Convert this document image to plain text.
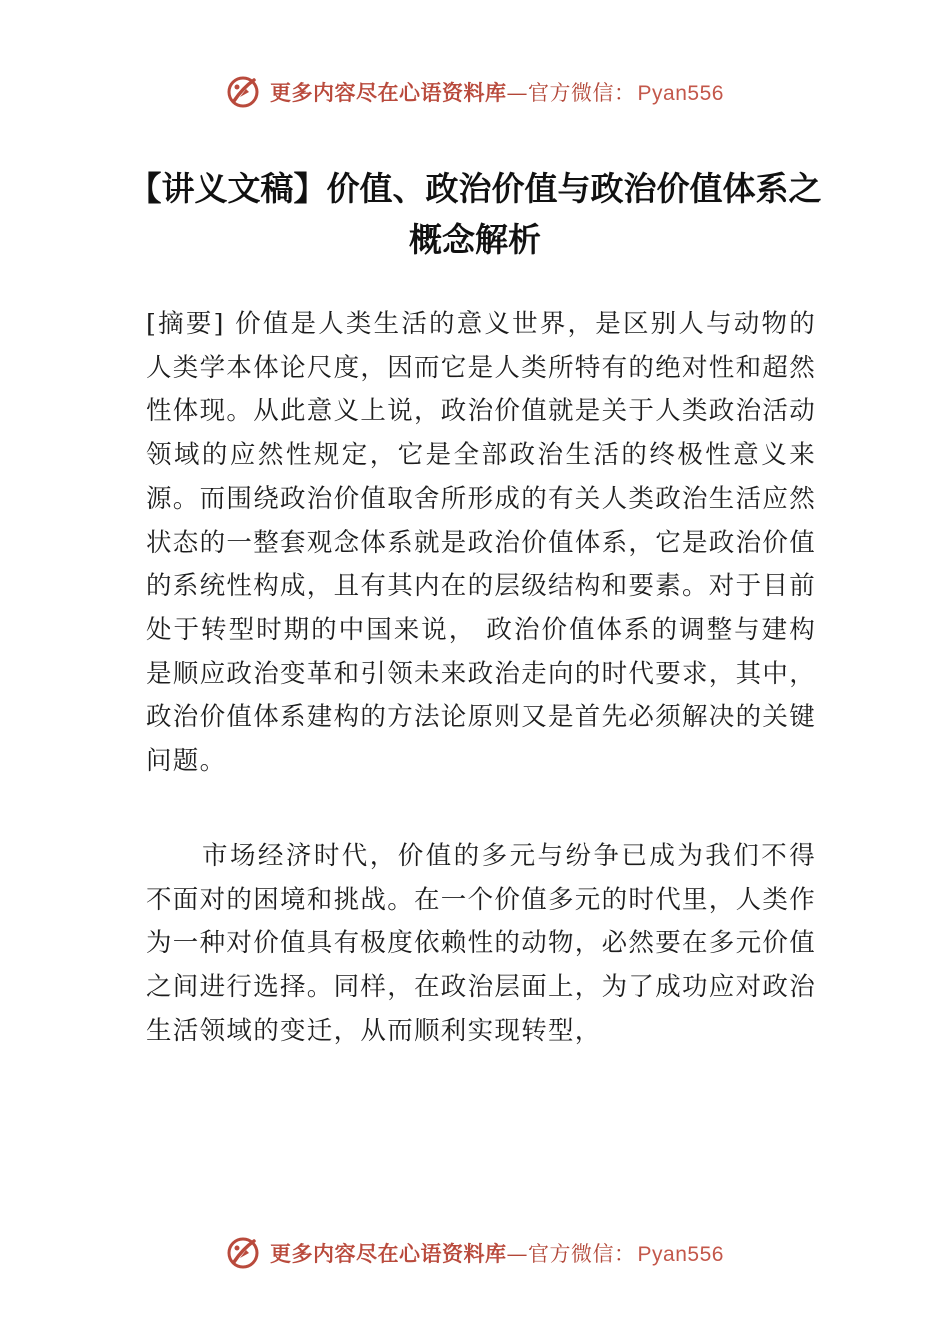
更多内容尽在心语资料库 —官方微信： Pyan556
【讲义文稿】价值、政治价值与政治价值体系之概念解析

[摘要] 价值是人类生活的意义世界，是区别人与动物的人类学本体论尺度，因而它是人类所特有的绝对性和超然性体现。从此意义上说，政治价值就是关于人类政治活动领域的应然性规定，它是全部政治生活的终极性意义来源。而围绕政治价值取舍所形成的有关人类政治生活应然状态的一整套观念体系就是政治价值体系，它是政治价值的系统性构成，且有其内在的层级结构和要素。对于目前处于转型时期的中国来说， 政治价值体系的调整与建构是顺应政治变革和引领未来政治走向的时代要求，其中，政治价值体系建构的方法论原则又是首先必须解决的关键问题。

市场经济时代，价值的多元与纷争已成为我们不得不面对的困境和挑战。在一个价值多元的时代里，人类作为一种对价值具有极度依赖性的动物，必然要在多元价值之间进行选择。同样，在政治层面上，为了成功应对政治生活领域的变迁，从而顺利实现转型，

更多内容尽在心语资料库 —官方微信： Pyan556
